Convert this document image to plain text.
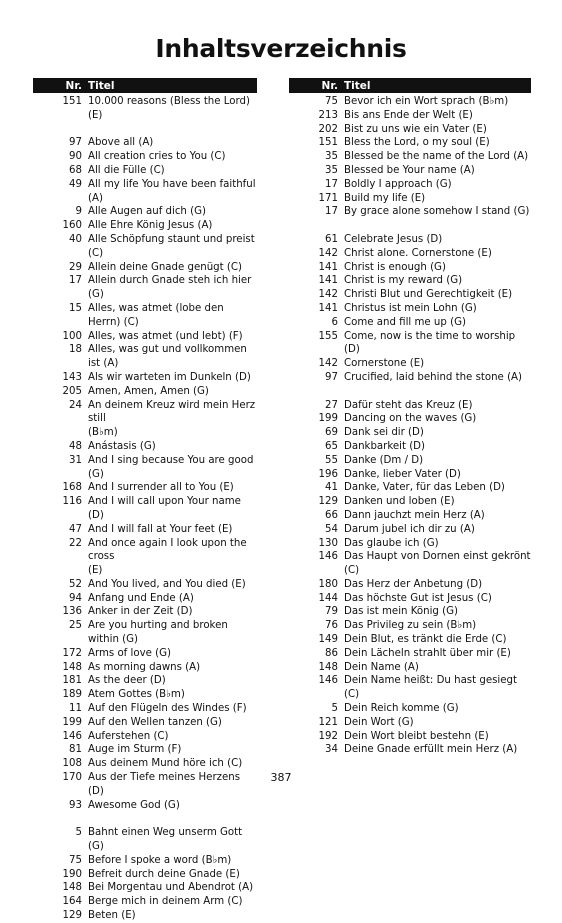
Inhaltsverzeichnis
Nr. Titel
151 10.000 reasons (Bless the Lord) (E)
97 Above all (A)
90 All creation cries to You (C)
68 All die Fülle (C)
49 All my life You have been faithful (A)
9 Alle Augen auf dich (G)
160 Alle Ehre König Jesus (A)
40 Alle Schöpfung staunt und preist (C)
29 Allein deine Gnade genügt (C)
17 Allein durch Gnade steh ich hier (G)
15 Alles, was atmet (lobe den Herrn) (C)
100 Alles, was atmet (und lebt) (F)
18 Alles, was gut und vollkommen ist (A)
143 Als wir warteten im Dunkeln (D)
205 Amen, Amen, Amen (G)
24 An deinem Kreuz wird mein Herz still
(B♭m)
48 Anástasis (G)
31 And I sing because You are good (G)
168 And I surrender all to You (E)
116 And I will call upon Your name (D)
47 And I will fall at Your feet (E)
22 And once again I look upon the cross
(E)
52 And You lived, and You died (E)
94 Anfang und Ende (A)
136 Anker in der Zeit (D)
25 Are you hurting and broken within (G)
172 Arms of love (G)
148 As morning dawns (A)
181 As the deer (D)
189 Atem Gottes (B♭m)
11 Auf den Flügeln des Windes (F)
199 Auf den Wellen tanzen (G)
146 Auferstehen (C)
81 Auge im Sturm (F)
108 Aus deinem Mund höre ich (C)
170 Aus der Tiefe meines Herzens (D)
93 Awesome God (G)
5 Bahnt einen Weg unserm Gott (G)
75 Before I spoke a word (B♭m)
190 Befreit durch deine Gnade (E)
148 Bei Morgentau und Abendrot (A)
164 Berge mich in deinem Arm (C)
129 Beten (E)
Nr. Titel
75 Bevor ich ein Wort sprach (B♭m)
213 Bis ans Ende der Welt (E)
202 Bist zu uns wie ein Vater (E)
151 Bless the Lord, o my soul (E)
35 Blessed be the name of the Lord (A)
35 Blessed be Your name (A)
17 Boldly I approach (G)
171 Build my life (E)
17 By grace alone somehow I stand (G)
61 Celebrate Jesus (D)
142 Christ alone. Cornerstone (E)
141 Christ is enough (G)
141 Christ is my reward (G)
142 Christi Blut und Gerechtigkeit (E)
141 Christus ist mein Lohn (G)
6 Come and fill me up (G)
155 Come, now is the time to worship (D)
142 Cornerstone (E)
97 Crucified, laid behind the stone (A)
27 Dafür steht das Kreuz (E)
199 Dancing on the waves (G)
69 Dank sei dir (D)
65 Dankbarkeit (D)
55 Danke (Dm / D)
196 Danke, lieber Vater (D)
41 Danke, Vater, für das Leben (D)
129 Danken und loben (E)
66 Dann jauchzt mein Herz (A)
54 Darum jubel ich dir zu (A)
130 Das glaube ich (G)
146 Das Haupt von Dornen einst gekrönt
(C)
180 Das Herz der Anbetung (D)
144 Das höchste Gut ist Jesus (C)
79 Das ist mein König (G)
76 Das Privileg zu sein (B♭m)
149 Dein Blut, es tränkt die Erde (C)
86 Dein Lächeln strahlt über mir (E)
148 Dein Name (A)
146 Dein Name heißt: Du hast gesiegt (C)
5 Dein Reich komme (G)
121 Dein Wort (G)
192 Dein Wort bleibt bestehn (E)
34 Deine Gnade erfüllt mein Herz (A)
387
